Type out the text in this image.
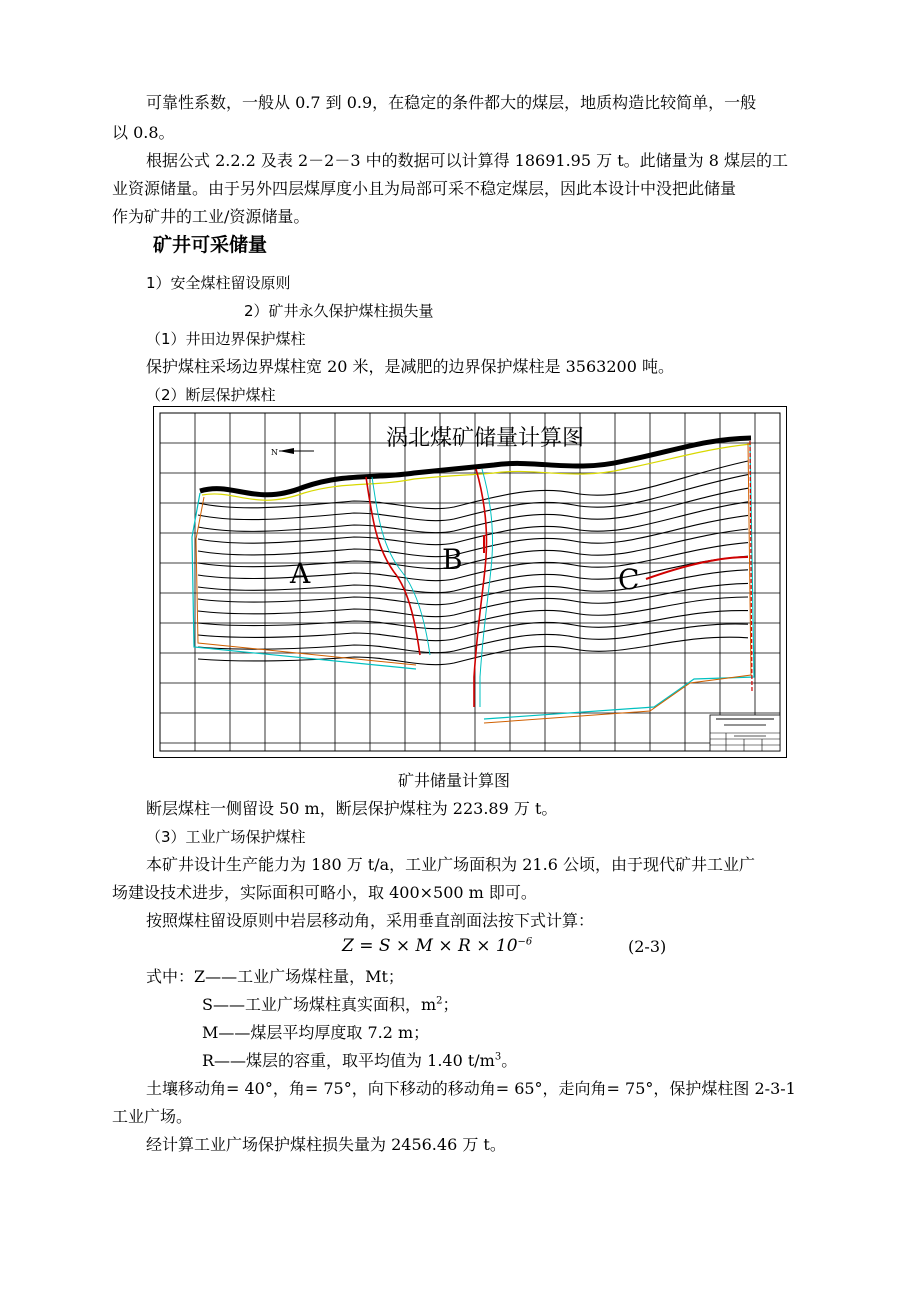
可靠性系数，一般从 0.7 到 0.9，在稳定的条件都大的煤层，地质构造比较简单，一般
以 0.8。
根据公式 2.2.2 及表 2－2－3 中的数据可以计算得 18691.95 万 t。此储量为 8 煤层的工
业资源储量。由于另外四层煤厚度小且为局部可采不稳定煤层，因此本设计中没把此储量
作为矿井的工业/资源储量。
矿井可采储量
1）安全煤柱留设原则
2）矿井永久保护煤柱损失量
（1）井田边界保护煤柱
保护煤柱采场边界煤柱宽 20 米，是减肥的边界保护煤柱是 3563200 吨。
（2）断层保护煤柱
涡北煤矿储量计算图
N
A	B
C
矿井储量计算图
断层煤柱一侧留设 50 m，断层保护煤柱为 223.89 万 t。
（3）工业广场保护煤柱
本矿井设计生产能力为 180 万 t/a，工业广场面积为 21.6 公顷，由于现代矿井工业广
场建设技术进步，实际面积可略小，取 400×500 m 即可。
按照煤柱留设原则中岩层移动角，采用垂直剖面法按下式计算：
$Z = S \times M \times R \times 10^{-6}$	(2-3)
式中：Z——工业广场煤柱量，Mt；
S——工业广场煤柱真实面积，$m^2$；
M——煤层平均厚度取 7.2 m；
R——煤层的容重，取平均值为 1.40 $t/m^3$。
土壤移动角= 40°，角= 75°，向下移动的移动角= 65°，走向角= 75°，保护煤柱图 2-3-1
工业广场。
经计算工业广场保护煤柱损失量为 2456.46 万 t。
